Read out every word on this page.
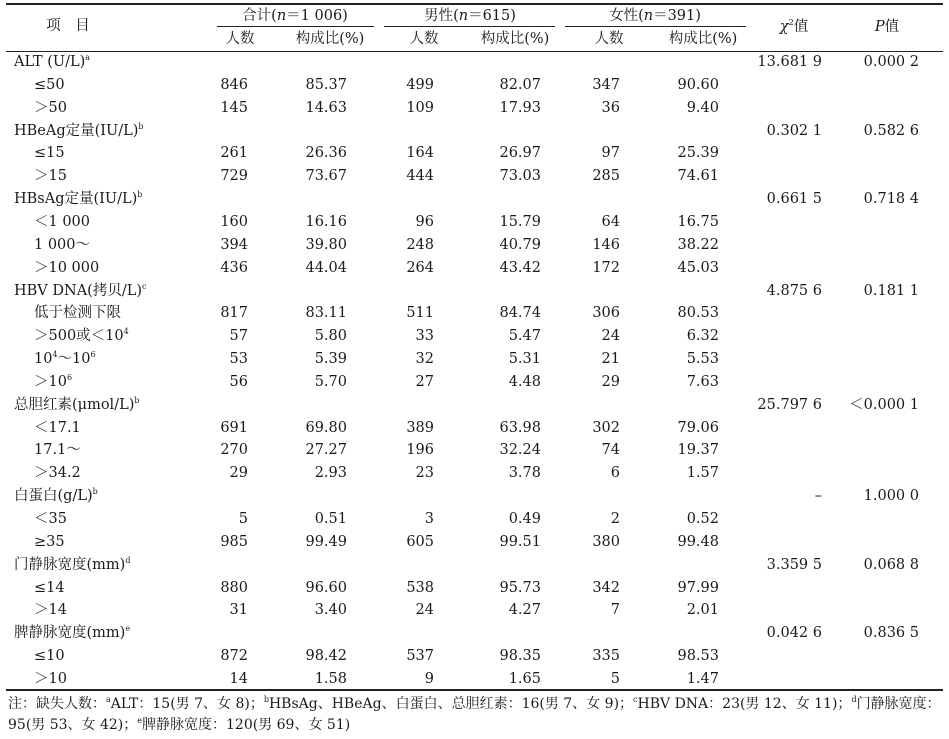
项　目
合计(n＝1 006)	男性(n＝615)	女性(n＝391)
人数	构成比(%)	人数	构成比(%)	人数	构成比(%)
$\chi^2$值	P值
ALT $(U/L)^a$	13.681 9	0.000 2
≤50	846	85.37	499	82.07	347	90.60
＞50	145	14.63	109	17.93	36	9.40
HBeAg定量$(IU/L)^b$	0.302 1	0.582 6
≤15	261	26.36	164	26.97	97	25.39
＞15	729	73.67	444	73.03	285	74.61
HBsAg定量$(IU/L)^b$	0.661 5	0.718 4
＜1 000	160	16.16	96	15.79	64	16.75
1 000～	394	39.80	248	40.79	146	38.22
＞10 000	436	44.04	264	43.42	172	45.03
HBV DNA(拷贝/L)$^c$	4.875 6	0.181 1
低于检测下限	817	83.11	511	84.74	306	80.53
＞500或$<10^4$	57	5.80	33	5.47	24	6.32
$10^4\sim 10^6$	53	5.39	32	5.31	21	5.53
$>10^6$	56	5.70	27	4.48	29	7.63
总胆红素$(\mu mol/L)^b$	25.797 6 ＜0.000 1
＜17.1	691	69.80	389	63.98	302	79.06
17.1～	270	27.27	196	32.24	74	19.37
＞34.2	29	2.93	23	3.78	6	1.57
白蛋白$(g/L)^b$	–	1.000 0
＜35	5	0.51	3	0.49	2	0.52
≥35	985	99.49	605	99.51	380	99.48
门静脉宽度(mm)$^d$	3.359 5	0.068 8
≤14	880	96.60	538	95.73	342	97.99
＞14	31	3.40	24	4.27	7	2.01
脾静脉宽度(mm)$^e$	0.042 6	0.836 5
≤10	872	98.42	537	98.35	335	98.53
＞10	14	1.58	9	1.65	5	1.47
注：缺失人数：$^a$ALT：15(男 7、女 8)；$^b$HBsAg、HBeAg、白蛋白、总胆红素：16(男 7、女 9)；$^c$HBV DNA：23(男 12、女 11)；$^d$门静脉宽度：
95(男 53、女 42)；$^e$脾静脉宽度：120(男 69、女 51)
